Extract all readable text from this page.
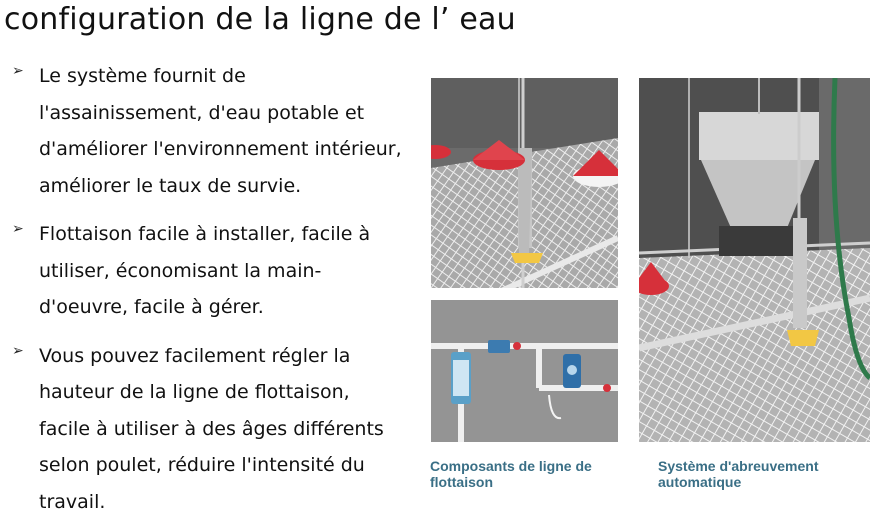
configuration de la ligne de l’ eau
➢ Le système fournit de
l'assainissement, d'eau potable et
d'améliorer l'environnement intérieur,
améliorer le taux de survie.
➢ Flottaison facile à installer, facile à
utiliser, économisant la main-
d'oeuvre, facile à gérer.
➢ Vous pouvez facilement régler la
hauteur de la ligne de flottaison,
facile à utiliser à des âges différents
selon poulet, réduire l'intensité du
travail.
Composants de ligne de
flottaison
Système d'abreuvement
automatique
